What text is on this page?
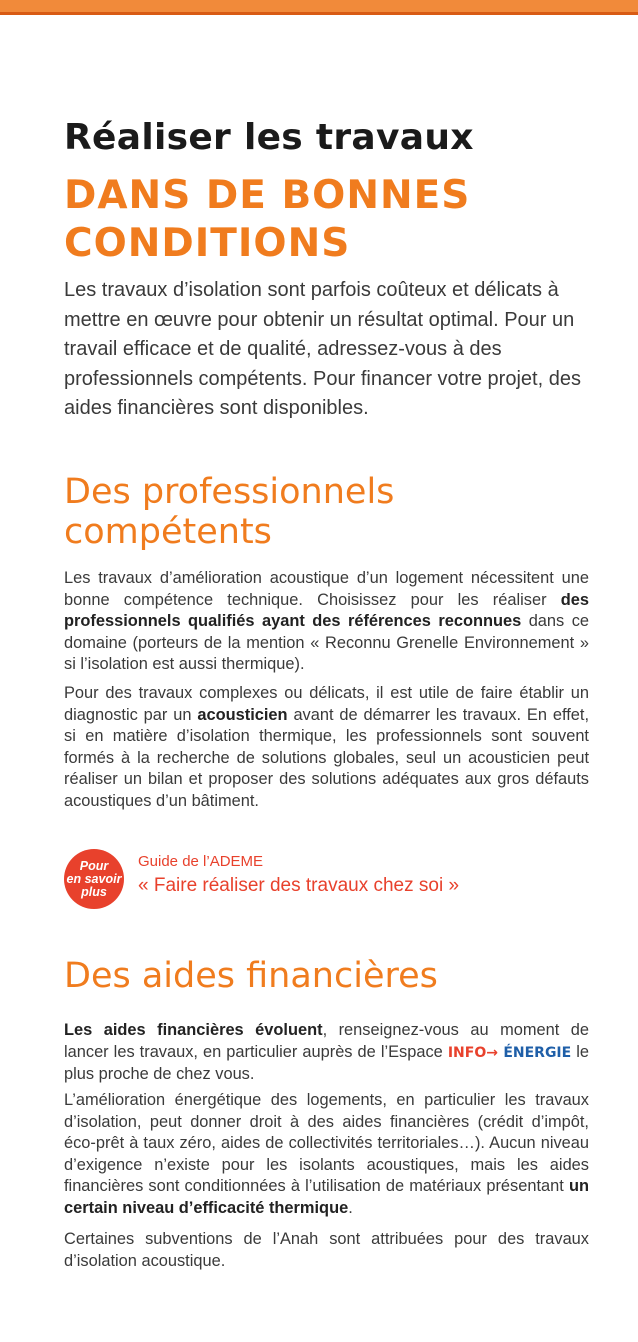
Réaliser les travaux
DANS DE BONNES CONDITIONS
Les travaux d’isolation sont parfois coûteux et délicats à mettre en œuvre pour obtenir un résultat optimal. Pour un travail efficace et de qualité, adressez-vous à des professionnels compétents. Pour financer votre projet, des aides financières sont disponibles.
Des professionnels compétents

Les travaux d’amélioration acoustique d’un logement nécessitent une bonne compétence technique. Choisissez pour les réaliser des professionnels qualifiés ayant des références reconnues dans ce domaine (porteurs de la mention « Reconnu Grenelle Environnement » si l’isolation est aussi thermique).

Pour des travaux complexes ou délicats, il est utile de faire établir un diagnostic par un acousticien avant de démarrer les travaux. En effet, si en matière d’isolation thermique, les professionnels sont souvent formés à la recherche de solutions globales, seul un acousticien peut réaliser un bilan et proposer des solutions adéquates aux gros défauts acoustiques d’un bâtiment.

Pour
en savoir
plus
Guide de l’ADEME
« Faire réaliser des travaux chez soi »
Des aides financières

Les aides financières évoluent, renseignez-vous au moment de lancer les travaux, en particulier auprès de l’Espace INFO→ ÉNERGIE le plus proche de chez vous.

L’amélioration énergétique des logements, en particulier les travaux d’isolation, peut donner droit à des aides financières (crédit d’impôt, éco-prêt à taux zéro, aides de collectivités territoriales…). Aucun niveau d’exigence n’existe pour les isolants acoustiques, mais les aides financières sont conditionnées à l’utilisation de matériaux présentant un certain niveau d’efficacité thermique.

Certaines subventions de l’Anah sont attribuées pour des travaux d’isolation acoustique.
